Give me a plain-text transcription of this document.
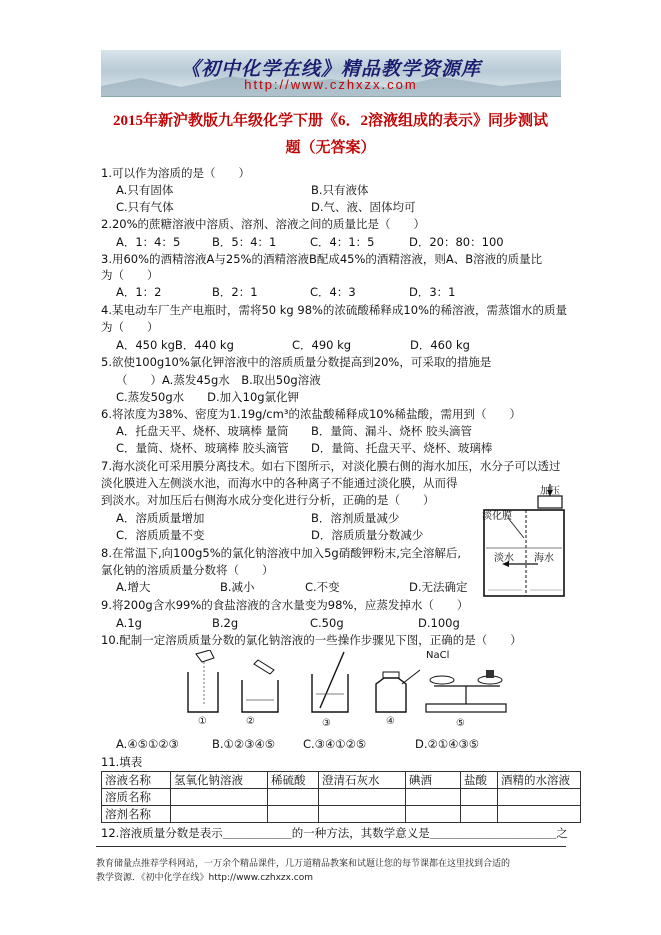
《初中化学在线》精品教学资源库
http://www.czhxzx.com
2015年新沪教版九年级化学下册《6．2溶液组成的表示》同步测试
题（无答案）
1.可以作为溶质的是（　　）
A.只有固体	B.只有液体
C.只有气体	D.气、液、固体均可
2.20%的蔗糖溶液中溶质、溶剂、溶液之间的质量比是（　　）
A．1：4：5	B．5：4：1	C．4：1：5	D．20：80：100
3.用60%的酒精溶液A与25%的酒精溶液B配成45%的酒精溶液，则A、B溶液的质量比
为（　　）
A．1：2	B．2：1	C．4：3	D．3：1
4.某电动车厂生产电瓶时，需将50 kg 98%的浓硫酸稀释成10%的稀溶液，需蒸馏水的质量
为（　　）
A．450 kgB．440 kg	C．490 kg	D．460 kg
5.欲使100g10%氯化钾溶液中的溶质质量分数提高到20%，可采取的措施是
（　　）A.蒸发45g水　B.取出50g溶液
C.蒸发50g水　　D.加入10g氯化钾
6.将浓度为38%、密度为1.19g/cm³的浓盐酸稀释成10%稀盐酸，需用到（　　）
A．托盘天平、烧杯、玻璃棒 量筒 B．量筒、漏斗、烧杯 胶头滴管
C．量筒、烧杯、玻璃棒 胶头滴管 D．量筒、托盘天平、烧杯、玻璃棒
7.海水淡化可采用膜分离技术。如右下图所示，对淡化膜右侧的海水加压，水分子可以透过
淡化膜进入左侧淡水池，而海水中的各种离子不能通过淡化膜，从而得
到淡水。对加压后右侧海水成分变化进行分析，正确的是（　　）
A．溶质质量增加	B．溶剂质量减少
C．溶质质量不变	D．溶质质量分数减少
加压
淡化膜
淡水 海水
8.在常温下,向100g5%的氯化钠溶液中加入5g硝酸钾粉末,完全溶解后,
氯化钠的溶质质量分数将（　　）
A.增大	B.减小	C.不变	D.无法确定
9.将200g含水99%的食盐溶液的含水量变为98%，应蒸发掉水（　　）
A.1g	B.2g	C.50g	D.100g
10.配制一定溶质质量分数的氯化钠溶液的一些操作步骤见下图，正确的是（　　）
NaCl
①	②	③	④	⑤
A.④⑤①②③	B.①②③④⑤ C.③④①②⑤	D.②①④③⑤
11.填表
溶液名称	氢氧化钠溶液	稀硫酸	澄清石灰水	碘酒	盐酸	酒精的水溶液
溶质名称						
溶剂名称						
12.溶液质量分数是表示＿＿＿＿＿＿的一种方法，其数学意义是＿＿＿＿＿＿＿＿＿＿＿之
教育储量点推荐学科网站，一万余个精品课件，几万道精品教案和试题让您的每节课都在这里找到合适的
教学资源．《初中化学在线》http://www.czhxzx.com
